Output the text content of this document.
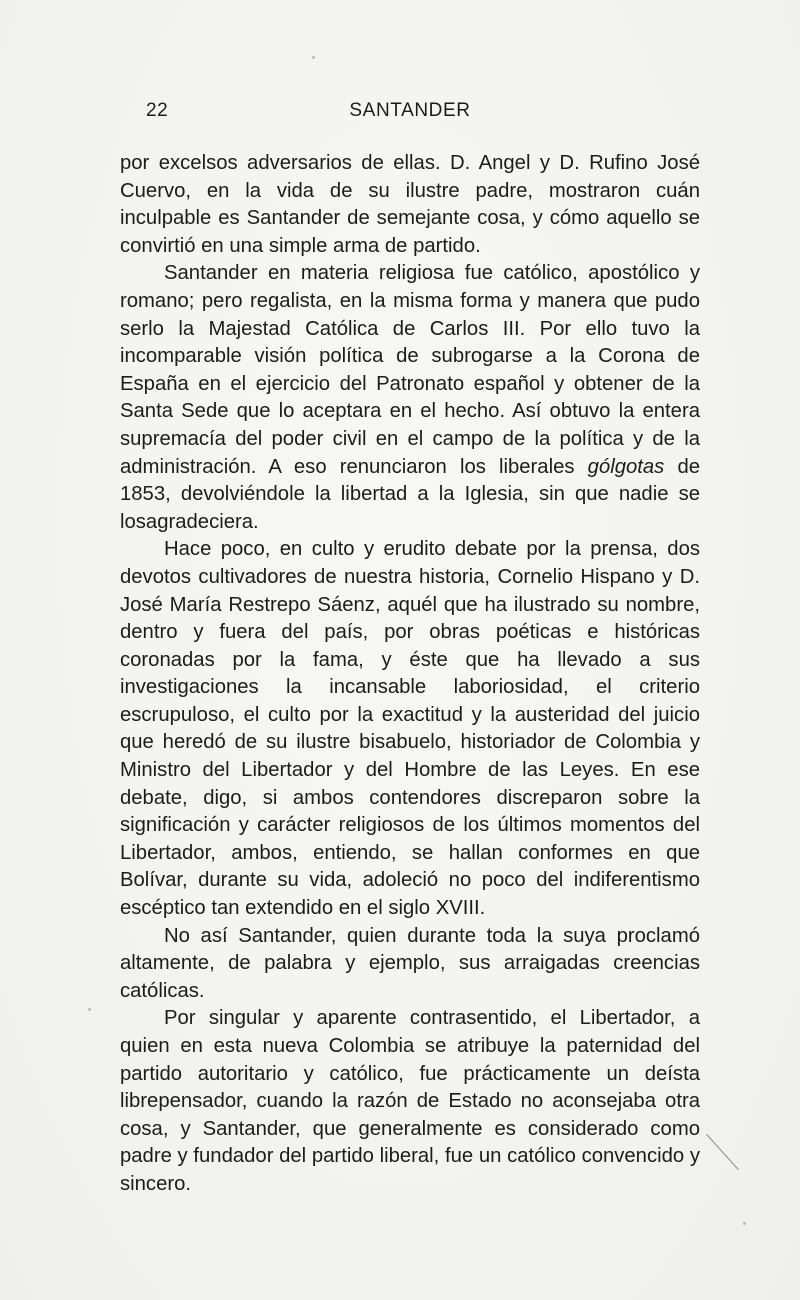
22	SANTANDER

por excelsos adversarios de ellas. D. Angel y D. Rufino José Cuervo, en la vida de su ilustre padre, mostraron cuán inculpable es Santander de semejante cosa, y cómo aquello se convirtió en una simple arma de partido.

Santander en materia religiosa fue católico, apostólico y romano; pero regalista, en la misma forma y manera que pudo serlo la Majestad Católica de Carlos III. Por ello tuvo la incomparable visión política de subrogarse a la Corona de España en el ejercicio del Patronato español y obtener de la Santa Sede que lo aceptara en el hecho. Así obtuvo la entera supremacía del poder civil en el campo de la política y de la administración. A eso renunciaron los liberales gólgotas de 1853, devolviéndole la libertad a la Iglesia, sin que nadie se losagradeciera.

Hace poco, en culto y erudito debate por la prensa, dos devotos cultivadores de nuestra historia, Cornelio Hispano y D. José María Restrepo Sáenz, aquél que ha ilustrado su nombre, dentro y fuera del país, por obras poéticas e históricas coronadas por la fama, y éste que ha llevado a sus investigaciones la incansable laboriosidad, el criterio escrupuloso, el culto por la exactitud y la austeridad del juicio que heredó de su ilustre bisabuelo, historiador de Colombia y Ministro del Libertador y del Hombre de las Leyes. En ese debate, digo, si ambos contendores discreparon sobre la significación y carácter religiosos de los últimos momentos del Libertador, ambos, entiendo, se hallan conformes en que Bolívar, durante su vida, adoleció no poco del indiferentismo escéptico tan extendido en el siglo XVIII.

No así Santander, quien durante toda la suya proclamó altamente, de palabra y ejemplo, sus arraigadas creencias católicas.

Por singular y aparente contrasentido, el Libertador, a quien en esta nueva Colombia se atribuye la paternidad del partido autoritario y católico, fue prácticamente un deísta librepensador, cuando la razón de Estado no aconsejaba otra cosa, y Santander, que generalmente es considerado como padre y fundador del partido liberal, fue un católico convencido y sincero.
